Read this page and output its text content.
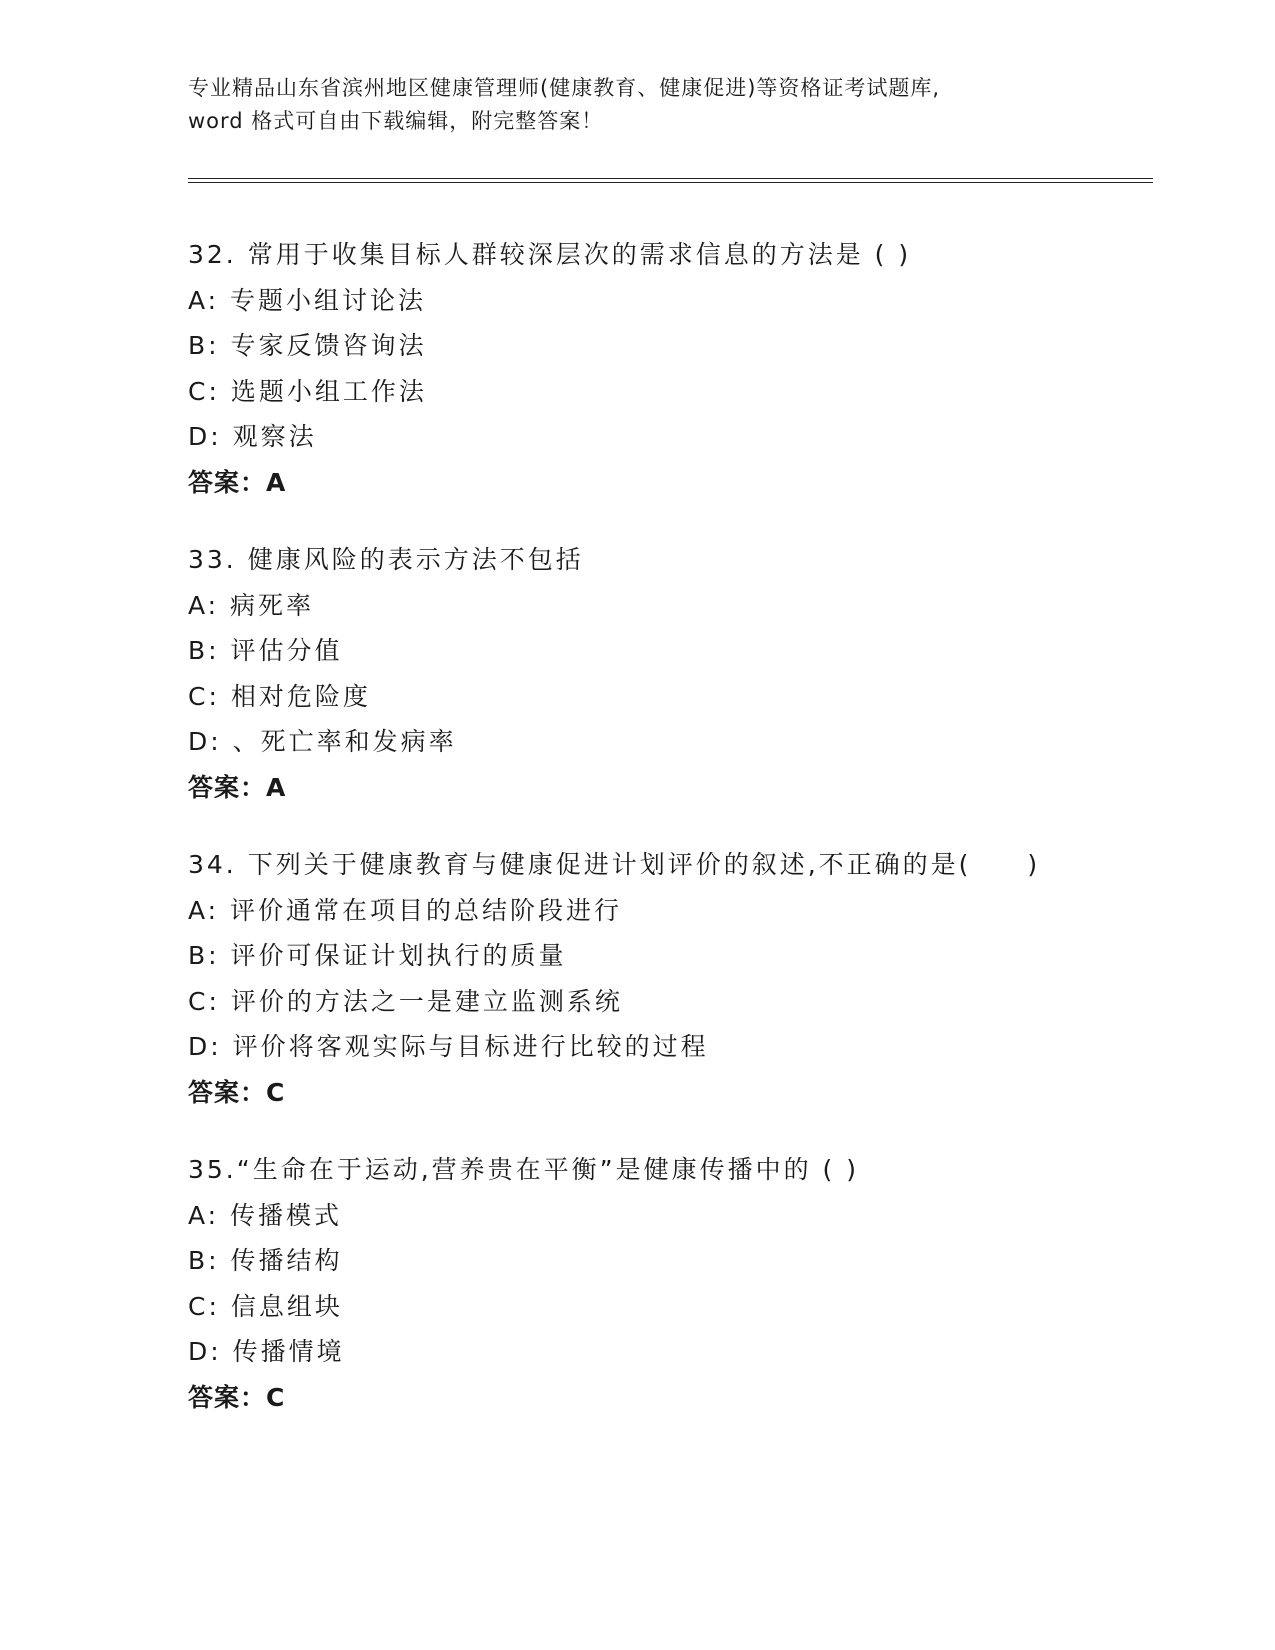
专业精品山东省滨州地区健康管理师(健康教育、健康促进)等资格证考试题库,
word 格式可自由下载编辑，附完整答案！
32. 常用于收集目标人群较深层次的需求信息的方法是 ( )
A: 专题小组讨论法
B: 专家反馈咨询法
C: 选题小组工作法
D: 观察法
答案：A
33. 健康风险的表示方法不包括
A: 病死率
B: 评估分值
C: 相对危险度
D: 、死亡率和发病率
答案：A
34. 下列关于健康教育与健康促进计划评价的叙述,不正确的是(　　)
A: 评价通常在项目的总结阶段进行
B: 评价可保证计划执行的质量
C: 评价的方法之一是建立监测系统
D: 评价将客观实际与目标进行比较的过程
答案：C
35.“生命在于运动,营养贵在平衡”是健康传播中的 ( )
A: 传播模式
B: 传播结构
C: 信息组块
D: 传播情境
答案：C
